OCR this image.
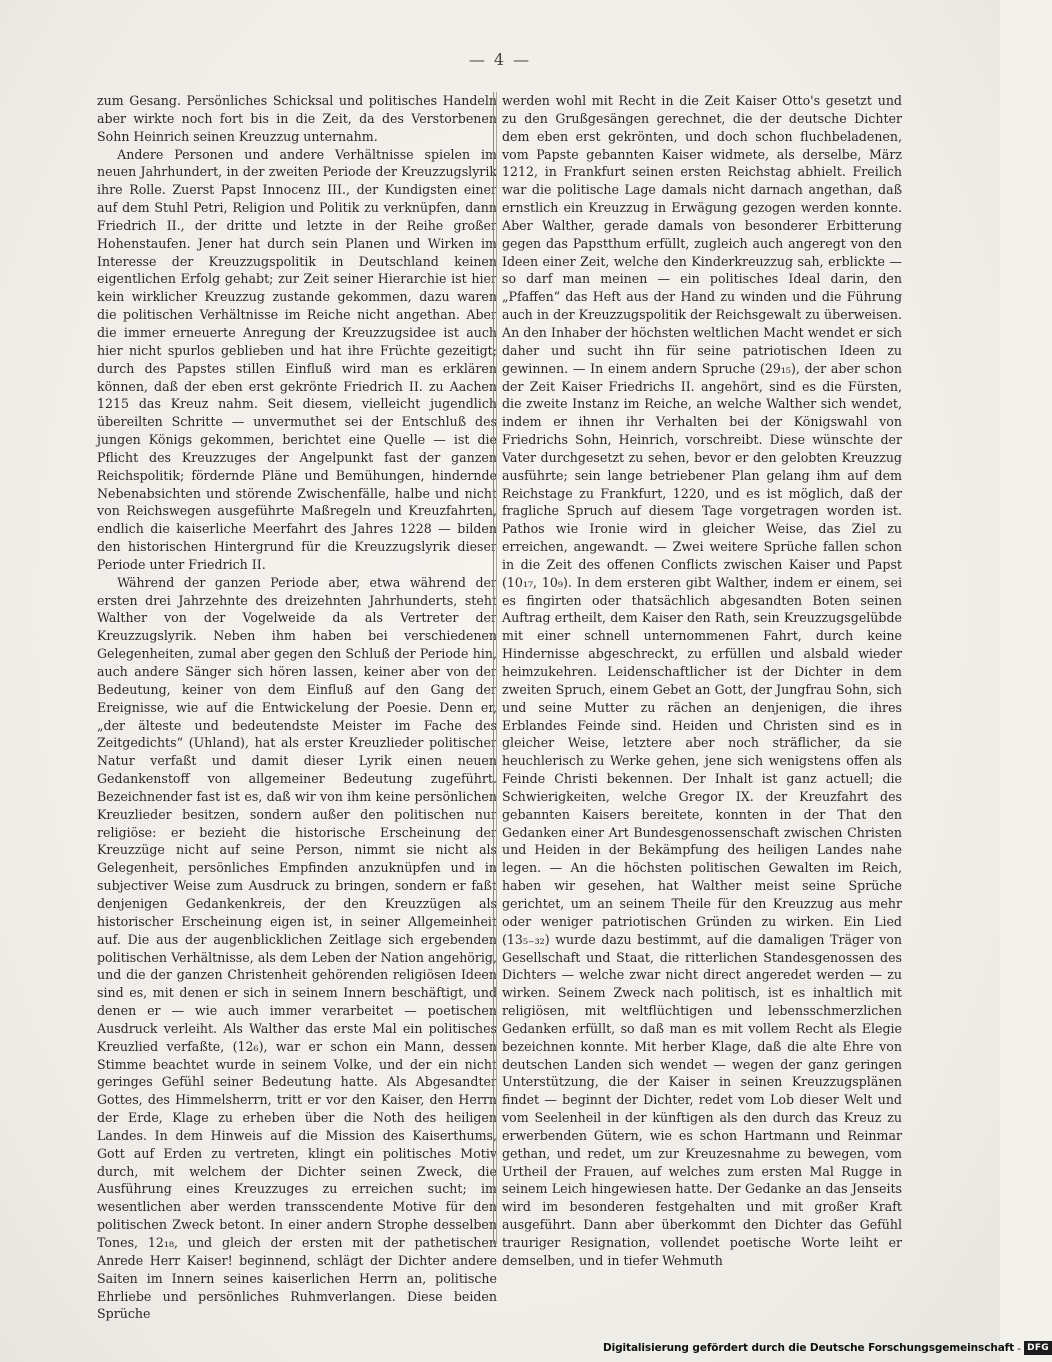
— 4 —

zum Gesang. Persönliches Schicksal und politisches Handeln aber wirkte noch fort bis in die Zeit, da des Verstorbenen Sohn Heinrich seinen Kreuzzug unternahm.

Andere Personen und andere Verhältnisse spielen im neuen Jahrhundert, in der zweiten Periode der Kreuzzugslyrik ihre Rolle. Zuerst Papst Innocenz III., der Kundigsten einer auf dem Stuhl Petri, Religion und Politik zu verknüpfen, dann Friedrich II., der dritte und letzte in der Reihe großer Hohenstaufen. Jener hat durch sein Planen und Wirken im Interesse der Kreuzzugspolitik in Deutschland keinen eigentlichen Erfolg gehabt; zur Zeit seiner Hierarchie ist hier kein wirklicher Kreuzzug zustande gekommen, dazu waren die politischen Verhältnisse im Reiche nicht angethan. Aber die immer erneuerte Anregung der Kreuzzugsidee ist auch hier nicht spurlos geblieben und hat ihre Früchte gezeitigt; durch des Papstes stillen Einfluß wird man es erklären können, daß der eben erst gekrönte Friedrich II. zu Aachen 1215 das Kreuz nahm. Seit diesem, vielleicht jugendlich übereilten Schritte — unvermuthet sei der Entschluß des jungen Königs gekommen, berichtet eine Quelle — ist die Pflicht des Kreuzzuges der Angelpunkt fast der ganzen Reichspolitik; fördernde Pläne und Bemühungen, hindernde Nebenabsichten und störende Zwischenfälle, halbe und nicht von Reichswegen ausgeführte Maßregeln und Kreuzfahrten, endlich die kaiserliche Meerfahrt des Jahres 1228 — bilden den historischen Hintergrund für die Kreuzzugslyrik dieser Periode unter Friedrich II.

Während der ganzen Periode aber, etwa während der ersten drei Jahrzehnte des dreizehnten Jahrhunderts, steht Walther von der Vogelweide da als Vertreter der Kreuzzugslyrik. Neben ihm haben bei verschiedenen Gelegenheiten, zumal aber gegen den Schluß der Periode hin, auch andere Sänger sich hören lassen, keiner aber von der Bedeutung, keiner von dem Einfluß auf den Gang der Ereignisse, wie auf die Entwickelung der Poesie. Denn er, „der älteste und bedeutendste Meister im Fache des Zeitgedichts“ (Uhland), hat als erster Kreuzlieder politischer Natur verfaßt und damit dieser Lyrik einen neuen Gedankenstoff von allgemeiner Bedeutung zugeführt. Bezeichnender fast ist es, daß wir von ihm keine persönlichen Kreuzlieder besitzen, sondern außer den politischen nur religiöse: er bezieht die historische Erscheinung der Kreuzzüge nicht auf seine Person, nimmt sie nicht als Gelegenheit, persönliches Empfinden anzuknüpfen und in subjectiver Weise zum Ausdruck zu bringen, sondern er faßt denjenigen Gedankenkreis, der den Kreuzzügen als historischer Erscheinung eigen ist, in seiner Allgemeinheit auf. Die aus der augenblicklichen Zeitlage sich ergebenden politischen Verhältnisse, als dem Leben der Nation angehörig, und die der ganzen Christenheit gehörenden religiösen Ideen sind es, mit denen er sich in seinem Innern beschäftigt, und denen er — wie auch immer verarbeitet — poetischen Ausdruck verleiht. Als Walther das erste Mal ein politisches Kreuzlied verfaßte, (12₆), war er schon ein Mann, dessen Stimme beachtet wurde in seinem Volke, und der ein nicht geringes Gefühl seiner Bedeutung hatte. Als Abgesandter Gottes, des Himmelsherrn, tritt er vor den Kaiser, den Herrn der Erde, Klage zu erheben über die Noth des heiligen Landes. In dem Hinweis auf die Mission des Kaiserthums, Gott auf Erden zu vertreten, klingt ein politisches Motiv durch, mit welchem der Dichter seinen Zweck, die Ausführung eines Kreuzzuges zu erreichen sucht; im wesentlichen aber werden transscendente Motive für den politischen Zweck betont. In einer andern Strophe desselben Tones, 12₁₈, und gleich der ersten mit der pathetischen Anrede Herr Kaiser! beginnend, schlägt der Dichter andere Saiten im Innern seines kaiserlichen Herrn an, politische Ehrliebe und persönliches Ruhmverlangen. Diese beiden Sprüche

werden wohl mit Recht in die Zeit Kaiser Otto's gesetzt und zu den Grußgesängen gerechnet, die der deutsche Dichter dem eben erst gekrönten, und doch schon fluchbeladenen, vom Papste gebannten Kaiser widmete, als derselbe, März 1212, in Frankfurt seinen ersten Reichstag abhielt. Freilich war die politische Lage damals nicht darnach angethan, daß ernstlich ein Kreuzzug in Erwägung gezogen werden konnte. Aber Walther, gerade damals von besonderer Erbitterung gegen das Papstthum erfüllt, zugleich auch angeregt von den Ideen einer Zeit, welche den Kinderkreuzzug sah, erblickte — so darf man meinen — ein politisches Ideal darin, den „Pfaffen“ das Heft aus der Hand zu winden und die Führung auch in der Kreuzzugspolitik der Reichsgewalt zu überweisen. An den Inhaber der höchsten weltlichen Macht wendet er sich daher und sucht ihn für seine patriotischen Ideen zu gewinnen. — In einem andern Spruche (29₁₅), der aber schon der Zeit Kaiser Friedrichs II. angehört, sind es die Fürsten, die zweite Instanz im Reiche, an welche Walther sich wendet, indem er ihnen ihr Verhalten bei der Königswahl von Friedrichs Sohn, Heinrich, vorschreibt. Diese wünschte der Vater durchgesetzt zu sehen, bevor er den gelobten Kreuzzug ausführte; sein lange betriebener Plan gelang ihm auf dem Reichstage zu Frankfurt, 1220, und es ist möglich, daß der fragliche Spruch auf diesem Tage vorgetragen worden ist. Pathos wie Ironie wird in gleicher Weise, das Ziel zu erreichen, angewandt. — Zwei weitere Sprüche fallen schon in die Zeit des offenen Conflicts zwischen Kaiser und Papst (10₁₇, 10₉). In dem ersteren gibt Walther, indem er einem, sei es fingirten oder thatsächlich abgesandten Boten seinen Auftrag ertheilt, dem Kaiser den Rath, sein Kreuzzugsgelübde mit einer schnell unternommenen Fahrt, durch keine Hindernisse abgeschreckt, zu erfüllen und alsbald wieder heimzukehren. Leidenschaftlicher ist der Dichter in dem zweiten Spruch, einem Gebet an Gott, der Jungfrau Sohn, sich und seine Mutter zu rächen an denjenigen, die ihres Erblandes Feinde sind. Heiden und Christen sind es in gleicher Weise, letztere aber noch sträflicher, da sie heuchlerisch zu Werke gehen, jene sich wenigstens offen als Feinde Christi bekennen. Der Inhalt ist ganz actuell; die Schwierigkeiten, welche Gregor IX. der Kreuzfahrt des gebannten Kaisers bereitete, konnten in der That den Gedanken einer Art Bundesgenossenschaft zwischen Christen und Heiden in der Bekämpfung des heiligen Landes nahe legen. — An die höchsten politischen Gewalten im Reich, haben wir gesehen, hat Walther meist seine Sprüche gerichtet, um an seinem Theile für den Kreuzzug aus mehr oder weniger patriotischen Gründen zu wirken. Ein Lied (13₅₋₃₂) wurde dazu bestimmt, auf die damaligen Träger von Gesellschaft und Staat, die ritterlichen Standesgenossen des Dichters — welche zwar nicht direct angeredet werden — zu wirken. Seinem Zweck nach politisch, ist es inhaltlich mit religiösen, mit weltflüchtigen und lebensschmerzlichen Gedanken erfüllt, so daß man es mit vollem Recht als Elegie bezeichnen konnte. Mit herber Klage, daß die alte Ehre von deutschen Landen sich wendet — wegen der ganz geringen Unterstützung, die der Kaiser in seinen Kreuzzugsplänen findet — beginnt der Dichter, redet vom Lob dieser Welt und vom Seelenheil in der künftigen als den durch das Kreuz zu erwerbenden Gütern, wie es schon Hartmann und Reinmar gethan, und redet, um zur Kreuzesnahme zu bewegen, vom Urtheil der Frauen, auf welches zum ersten Mal Rugge in seinem Leich hingewiesen hatte. Der Gedanke an das Jenseits wird im besonderen festgehalten und mit großer Kraft ausgeführt. Dann aber überkommt den Dichter das Gefühl trauriger Resignation, vollendet poetische Worte leiht er demselben, und in tiefer Wehmuth

Digitalisierung gefördert durch die Deutsche Forschungsgemeinschaft - DFG
